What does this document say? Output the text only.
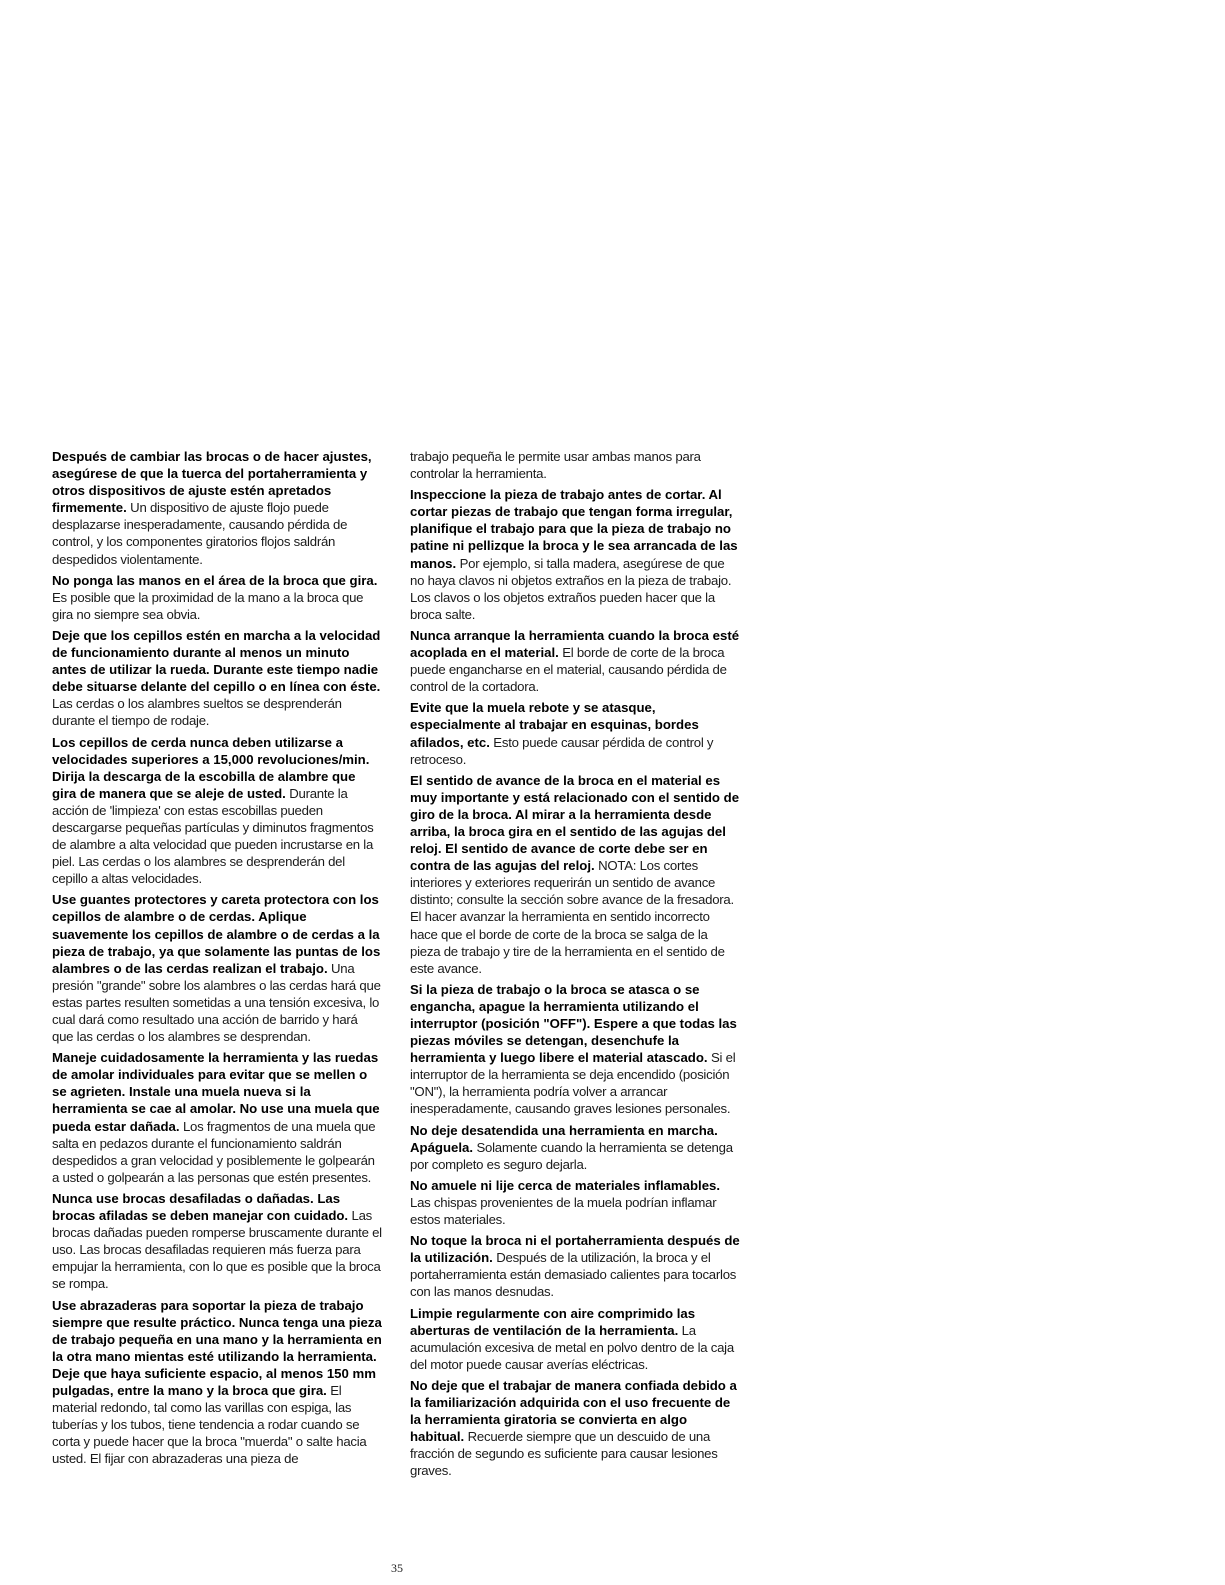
Después de cambiar las brocas o de hacer ajustes, asegúrese de que la tuerca del portaherramienta y otros dispositivos de ajuste estén apretados firmemente. Un dispositivo de ajuste flojo puede desplazarse inesperadamente, causando pérdida de control, y los componentes giratorios flojos saldrán despedidos violentamente.

No ponga las manos en el área de la broca que gira. Es posible que la proximidad de la mano a la broca que gira no siempre sea obvia.

Deje que los cepillos estén en marcha a la velocidad de funcionamiento durante al menos un minuto antes de utilizar la rueda. Durante este tiempo nadie debe situarse delante del cepillo o en línea con éste. Las cerdas o los alambres sueltos se desprenderán durante el tiempo de rodaje.

Los cepillos de cerda nunca deben utilizarse a velocidades superiores a 15,000 revoluciones/min. Dirija la descarga de la escobilla de alambre que gira de manera que se aleje de usted. Durante la acción de 'limpieza' con estas escobillas pueden descargarse pequeñas partículas y diminutos fragmentos de alambre a alta velocidad que pueden incrustarse en la piel. Las cerdas o los alambres se desprenderán del cepillo a altas velocidades.

Use guantes protectores y careta protectora con los cepillos de alambre o de cerdas. Aplique suavemente los cepillos de alambre o de cerdas a la pieza de trabajo, ya que solamente las puntas de los alambres o de las cerdas realizan el trabajo. Una presión "grande" sobre los alambres o las cerdas hará que estas partes resulten sometidas a una tensión excesiva, lo cual dará como resultado una acción de barrido y hará que las cerdas o los alambres se desprendan.

Maneje cuidadosamente la herramienta y las ruedas de amolar individuales para evitar que se mellen o se agrieten. Instale una muela nueva si la herramienta se cae al amolar. No use una muela que pueda estar dañada. Los fragmentos de una muela que salta en pedazos durante el funcionamiento saldrán despedidos a gran velocidad y posiblemente le golpearán a usted o golpearán a las personas que estén presentes.

Nunca use brocas desafiladas o dañadas. Las brocas afiladas se deben manejar con cuidado. Las brocas dañadas pueden romperse bruscamente durante el uso. Las brocas desafiladas requieren más fuerza para empujar la herramienta, con lo que es posible que la broca se rompa.

Use abrazaderas para soportar la pieza de trabajo siempre que resulte práctico. Nunca tenga una pieza de trabajo pequeña en una mano y la herramienta en la otra mano mientas esté utilizando la herramienta. Deje que haya suficiente espacio, al menos 150 mm pulgadas, entre la mano y la broca que gira. El material redondo, tal como las varillas con espiga, las tuberías y los tubos, tiene tendencia a rodar cuando se corta y puede hacer que la broca "muerda" o salte hacia usted. El fijar con abrazaderas una pieza de

trabajo pequeña le permite usar ambas manos para controlar la herramienta.

Inspeccione la pieza de trabajo antes de cortar. Al cortar piezas de trabajo que tengan forma irregular, planifique el trabajo para que la pieza de trabajo no patine ni pellizque la broca y le sea arrancada de las manos. Por ejemplo, si talla madera, asegúrese de que no haya clavos ni objetos extraños en la pieza de trabajo. Los clavos o los objetos extraños pueden hacer que la broca salte.

Nunca arranque la herramienta cuando la broca esté acoplada en el material. El borde de corte de la broca puede engancharse en el material, causando pérdida de control de la cortadora.

Evite que la muela rebote y se atasque, especialmente al trabajar en esquinas, bordes afilados, etc. Esto puede causar pérdida de control y retroceso.

El sentido de avance de la broca en el material es muy importante y está relacionado con el sentido de giro de la broca. Al mirar a la herramienta desde arriba, la broca gira en el sentido de las agujas del reloj. El sentido de avance de corte debe ser en contra de las agujas del reloj. NOTA: Los cortes interiores y exteriores requerirán un sentido de avance distinto; consulte la sección sobre avance de la fresadora. El hacer avanzar la herramienta en sentido incorrecto hace que el borde de corte de la broca se salga de la pieza de trabajo y tire de la herramienta en el sentido de este avance.

Si la pieza de trabajo o la broca se atasca o se engancha, apague la herramienta utilizando el interruptor (posición "OFF"). Espere a que todas las piezas móviles se detengan, desenchufe la herramienta y luego libere el material atascado. Si el interruptor de la herramienta se deja encendido (posición "ON"), la herramienta podría volver a arrancar inesperadamente, causando graves lesiones personales.

No deje desatendida una herramienta en marcha. Apáguela. Solamente cuando la herramienta se detenga por completo es seguro dejarla.

No amuele ni lije cerca de materiales inflamables. Las chispas provenientes de la muela podrían inflamar estos materiales.

No toque la broca ni el portaherramienta después de la utilización. Después de la utilización, la broca y el portaherramienta están demasiado calientes para tocarlos con las manos desnudas.

Limpie regularmente con aire comprimido las aberturas de ventilación de la herramienta. La acumulación excesiva de metal en polvo dentro de la caja del motor puede causar averías eléctricas.

No deje que el trabajar de manera confiada debido a la familiarización adquirida con el uso frecuente de la herramienta giratoria se convierta en algo habitual. Recuerde siempre que un descuido de una fracción de segundo es suficiente para causar lesiones graves.

35
